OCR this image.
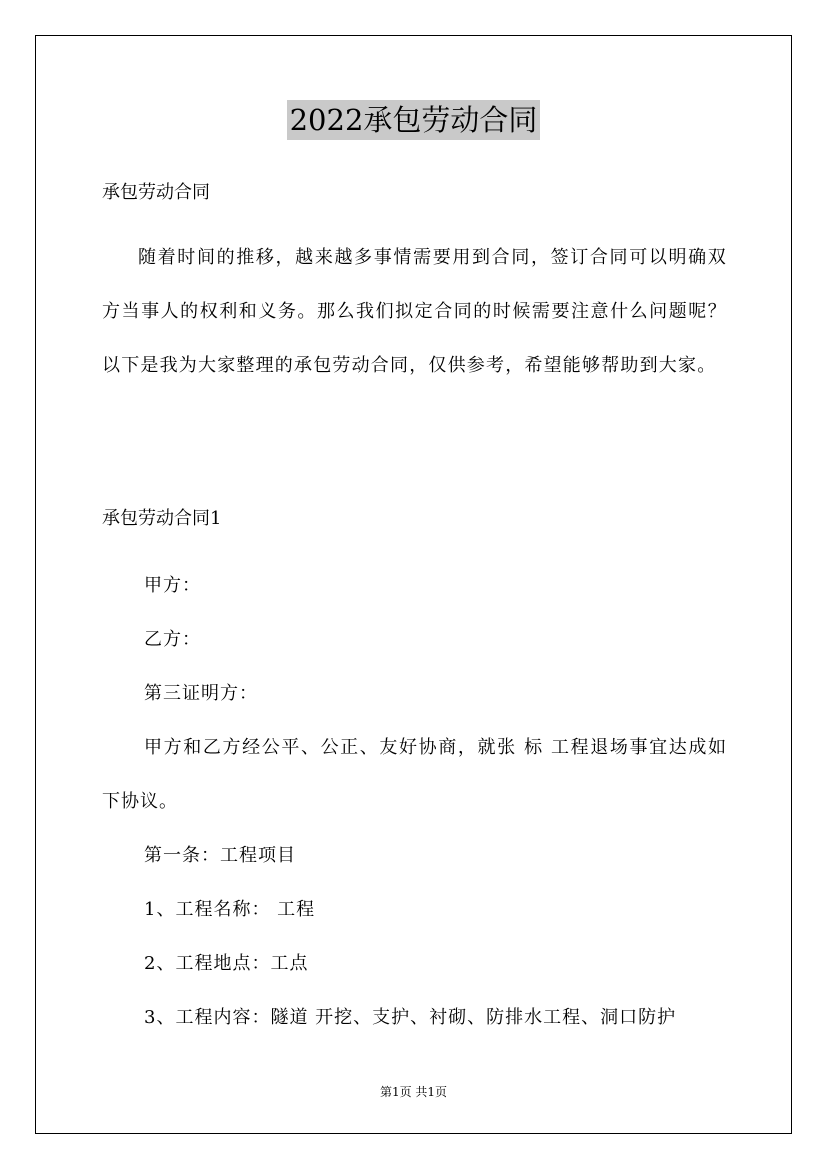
2022承包劳动合同

承包劳动合同

随着时间的推移，越来越多事情需要用到合同，签订合同可以明确双方当事人的权利和义务。那么我们拟定合同的时候需要注意什么问题呢？以下是我为大家整理的承包劳动合同，仅供参考，希望能够帮助到大家。

承包劳动合同1

甲方：
乙方：
第三证明方：
甲方和乙方经公平、公正、友好协商，就张 标 工程退场事宜达成如下协议。
第一条：工程项目
1、工程名称： 工程
2、工程地点：工点
3、工程内容：隧道 开挖、支护、衬砌、防排水工程、洞口防护
第1页 共1页
